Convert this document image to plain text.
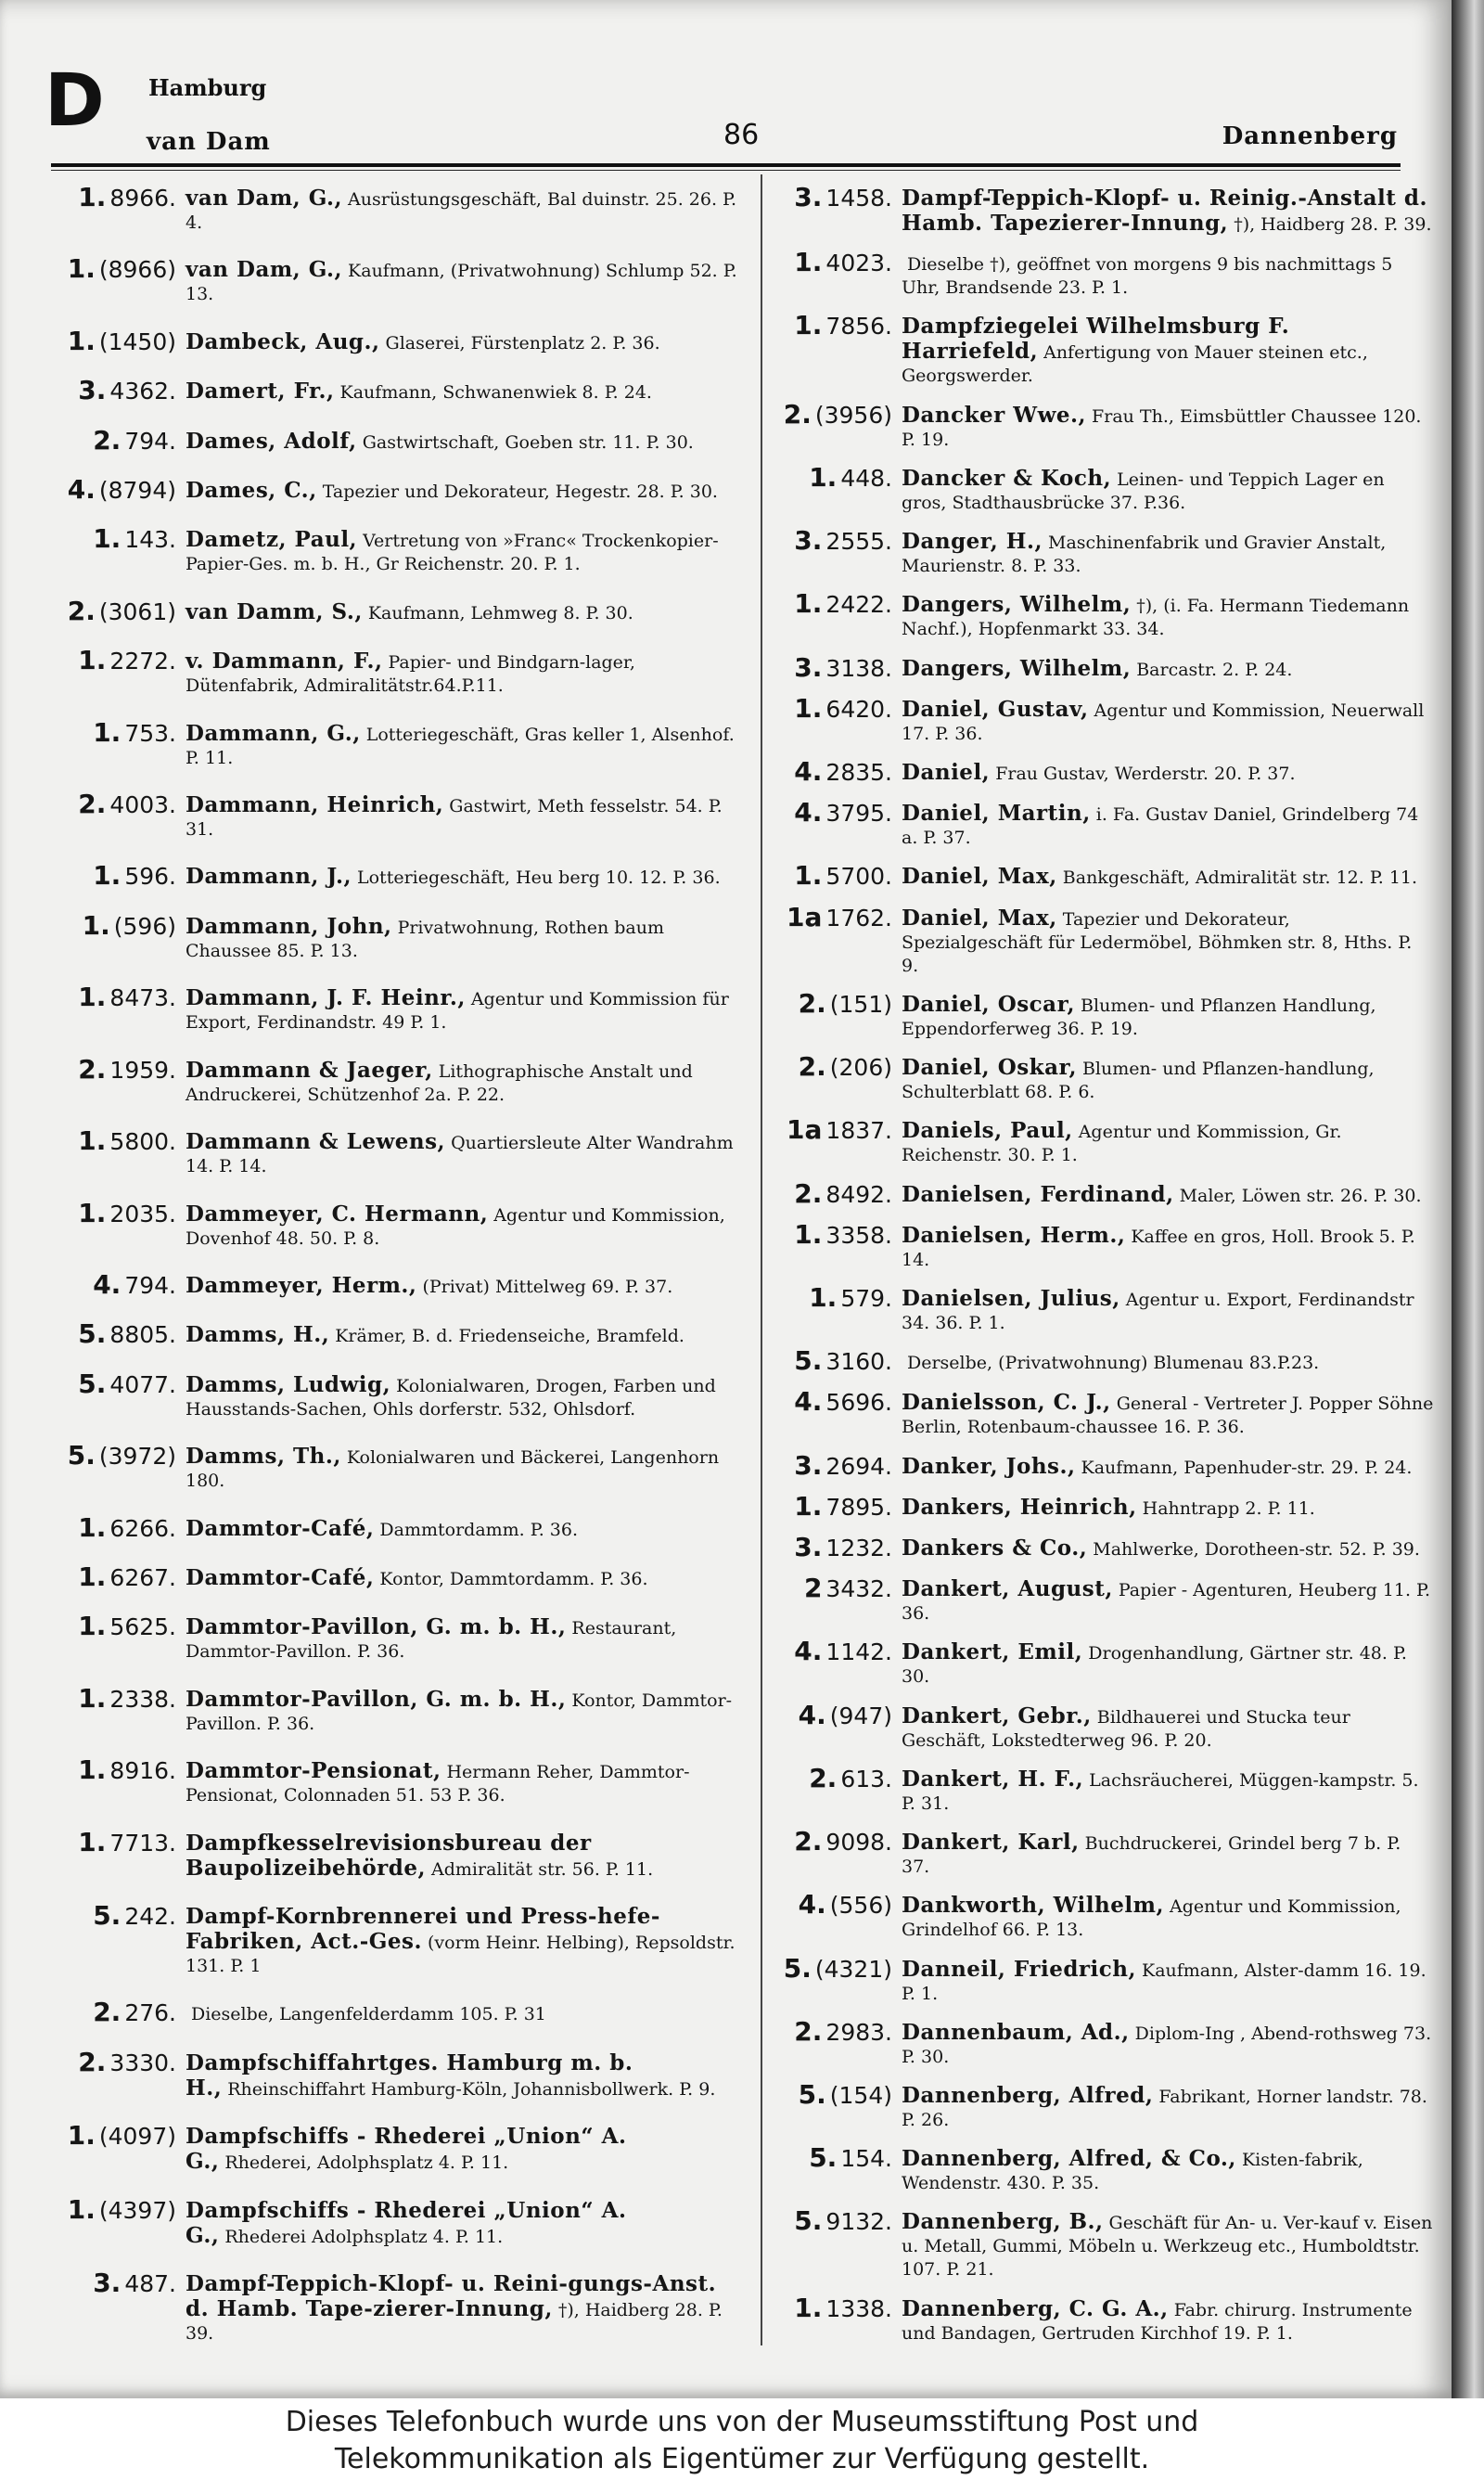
D Hamburg
van Dam	86	Dannenberg
1. 8966. van Dam, G., Ausrüstungsgeschäft, Bal duinstr. 25. 26. P. 4.
1. (8966) van Dam, G., Kaufmann, (Privatwohnung) Schlump 52. P. 13.
1. (1450) Dambeck, Aug., Glaserei, Fürstenplatz 2. P. 36.
3. 4362. Damert, Fr., Kaufmann, Schwanenwiek 8. P. 24.
2. 794. Dames, Adolf, Gastwirtschaft, Goeben str. 11. P. 30.
4. (8794) Dames, C., Tapezier und Dekorateur, Hegestr. 28. P. 30.
1. 143. Dametz, Paul, Vertretung von »Franc« Trockenkopier-Papier-Ges. m. b. H., Gr Reichenstr. 20. P. 1.
2. (3061) van Damm, S., Kaufmann, Lehmweg 8. P. 30.
1. 2272. v. Dammann, F., Papier- und Bindgarn-lager, Dütenfabrik, Admiralitätstr.64.P.11.
1. 753. Dammann, G., Lotteriegeschäft, Gras keller 1, Alsenhof. P. 11.
2. 4003. Dammann, Heinrich, Gastwirt, Meth fesselstr. 54. P. 31.
1. 596. Dammann, J., Lotteriegeschäft, Heu berg 10. 12. P. 36.
1. (596) Dammann, John, Privatwohnung, Rothen baum Chaussee 85. P. 13.
1. 8473. Dammann, J. F. Heinr., Agentur und Kommission für Export, Ferdinandstr. 49 P. 1.
2. 1959. Dammann & Jaeger, Lithographische Anstalt und Andruckerei, Schützenhof 2a. P. 22.
1. 5800. Dammann & Lewens, Quartiersleute Alter Wandrahm 14. P. 14.
1. 2035. Dammeyer, C. Hermann, Agentur und Kommission, Dovenhof 48. 50. P. 8.
4. 794. Dammeyer, Herm., (Privat) Mittelweg 69. P. 37.
5. 8805. Damms, H., Krämer, B. d. Friedenseiche, Bramfeld.
5. 4077. Damms, Ludwig, Kolonialwaren, Drogen, Farben und Hausstands-Sachen, Ohls dorferstr. 532, Ohlsdorf.
5. (3972) Damms, Th., Kolonialwaren und Bäckerei, Langenhorn 180.
1. 6266. Dammtor-Café, Dammtordamm. P. 36.
1. 6267. Dammtor-Café, Kontor, Dammtordamm. P. 36.
1. 5625. Dammtor-Pavillon, G. m. b. H., Restaurant, Dammtor-Pavillon. P. 36.
1. 2338. Dammtor-Pavillon, G. m. b. H., Kontor, Dammtor-Pavillon. P. 36.
1. 8916. Dammtor-Pensionat, Hermann Reher, Dammtor-Pensionat, Colonnaden 51. 53 P. 36.
1. 7713. Dampfkesselrevisionsbureau der Baupolizeibehörde, Admiralität str. 56. P. 11.
5. 242. Dampf-Kornbrennerei und Press-hefe-Fabriken, Act.-Ges. (vorm Heinr. Helbing), Repsoldstr. 131. P. 1
2. 276. Dieselbe, Langenfelderdamm 105. P. 31
2. 3330. Dampfschiffahrtges. Hamburg m. b. H., Rheinschiffahrt Hamburg-Köln, Johannisbollwerk. P. 9.
1. (4097) Dampfschiffs - Rhederei „Union“ A. G., Rhederei, Adolphsplatz 4. P. 11.
1. (4397) Dampfschiffs - Rhederei „Union“ A. G., Rhederei Adolphsplatz 4. P. 11.
3. 487. Dampf-Teppich-Klopf- u. Reini-gungs-Anst. d. Hamb. Tape-zierer-Innung, †), Haidberg 28. P. 39.
3. 1458. Dampf-Teppich-Klopf- u. Reinig.-Anstalt d. Hamb. Tapezierer-Innung, †), Haidberg 28. P. 39.
1. 4023. Dieselbe †), geöffnet von morgens 9 bis nachmittags 5 Uhr, Brandsende 23. P. 1.
1. 7856. Dampfziegelei Wilhelmsburg F. Harriefeld, Anfertigung von Mauer steinen etc., Georgswerder.
2. (3956) Dancker Wwe., Frau Th., Eimsbüttler Chaussee 120. P. 19.
1. 448. Dancker & Koch, Leinen- und Teppich Lager en gros, Stadthausbrücke 37. P.36.
3. 2555. Danger, H., Maschinenfabrik und Gravier Anstalt, Maurienstr. 8. P. 33.
1. 2422. Dangers, Wilhelm, †), (i. Fa. Hermann Tiedemann Nachf.), Hopfenmarkt 33. 34.
3. 3138. Dangers, Wilhelm, Barcastr. 2. P. 24.
1. 6420. Daniel, Gustav, Agentur und Kommission, Neuerwall 17. P. 36.
4. 2835. Daniel, Frau Gustav, Werderstr. 20. P. 37.
4. 3795. Daniel, Martin, i. Fa. Gustav Daniel, Grindelberg 74 a. P. 37.
1. 5700. Daniel, Max, Bankgeschäft, Admiralität str. 12. P. 11.
1a 1762. Daniel, Max, Tapezier und Dekorateur, Spezialgeschäft für Ledermöbel, Böhmken str. 8, Hths. P. 9.
2. (151) Daniel, Oscar, Blumen- und Pflanzen Handlung, Eppendorferweg 36. P. 19.
2. (206) Daniel, Oskar, Blumen- und Pflanzen-handlung, Schulterblatt 68. P. 6.
1a 1837. Daniels, Paul, Agentur und Kommission, Gr. Reichenstr. 30. P. 1.
2. 8492. Danielsen, Ferdinand, Maler, Löwen str. 26. P. 30.
1. 3358. Danielsen, Herm., Kaffee en gros, Holl. Brook 5. P. 14.
1. 579. Danielsen, Julius, Agentur u. Export, Ferdinandstr 34. 36. P. 1.
5. 3160. Derselbe, (Privatwohnung) Blumenau 83.P.23.
4. 5696. Danielsson, C. J., General - Vertreter J. Popper Söhne Berlin, Rotenbaum-chaussee 16. P. 36.
3. 2694. Danker, Johs., Kaufmann, Papenhuder-str. 29. P. 24.
1. 7895. Dankers, Heinrich, Hahntrapp 2. P. 11.
3. 1232. Dankers & Co., Mahlwerke, Dorotheen-str. 52. P. 39.
2 3432. Dankert, August, Papier - Agenturen, Heuberg 11. P. 36.
4. 1142. Dankert, Emil, Drogenhandlung, Gärtner str. 48. P. 30.
4. (947) Dankert, Gebr., Bildhauerei und Stucka teur Geschäft, Lokstedterweg 96. P. 20.
2. 613. Dankert, H. F., Lachsräucherei, Müggen-kampstr. 5. P. 31.
2. 9098. Dankert, Karl, Buchdruckerei, Grindel berg 7 b. P. 37.
4. (556) Dankworth, Wilhelm, Agentur und Kommission, Grindelhof 66. P. 13.
5. (4321) Danneil, Friedrich, Kaufmann, Alster-damm 16. 19. P. 1.
2. 2983. Dannenbaum, Ad., Diplom-Ing , Abend-rothsweg 73. P. 30.
5. (154) Dannenberg, Alfred, Fabrikant, Horner landstr. 78. P. 26.
5. 154. Dannenberg, Alfred, & Co., Kisten-fabrik, Wendenstr. 430. P. 35.
5. 9132. Dannenberg, B., Geschäft für An- u. Ver-kauf v. Eisen u. Metall, Gummi, Möbeln u. Werkzeug etc., Humboldtstr. 107. P. 21.
1. 1338. Dannenberg, C. G. A., Fabr. chirurg. Instrumente und Bandagen, Gertruden Kirchhof 19. P. 1.
Dieses Telefonbuch wurde uns von der Museumsstiftung Post und
Telekommunikation als Eigentümer zur Verfügung gestellt.
